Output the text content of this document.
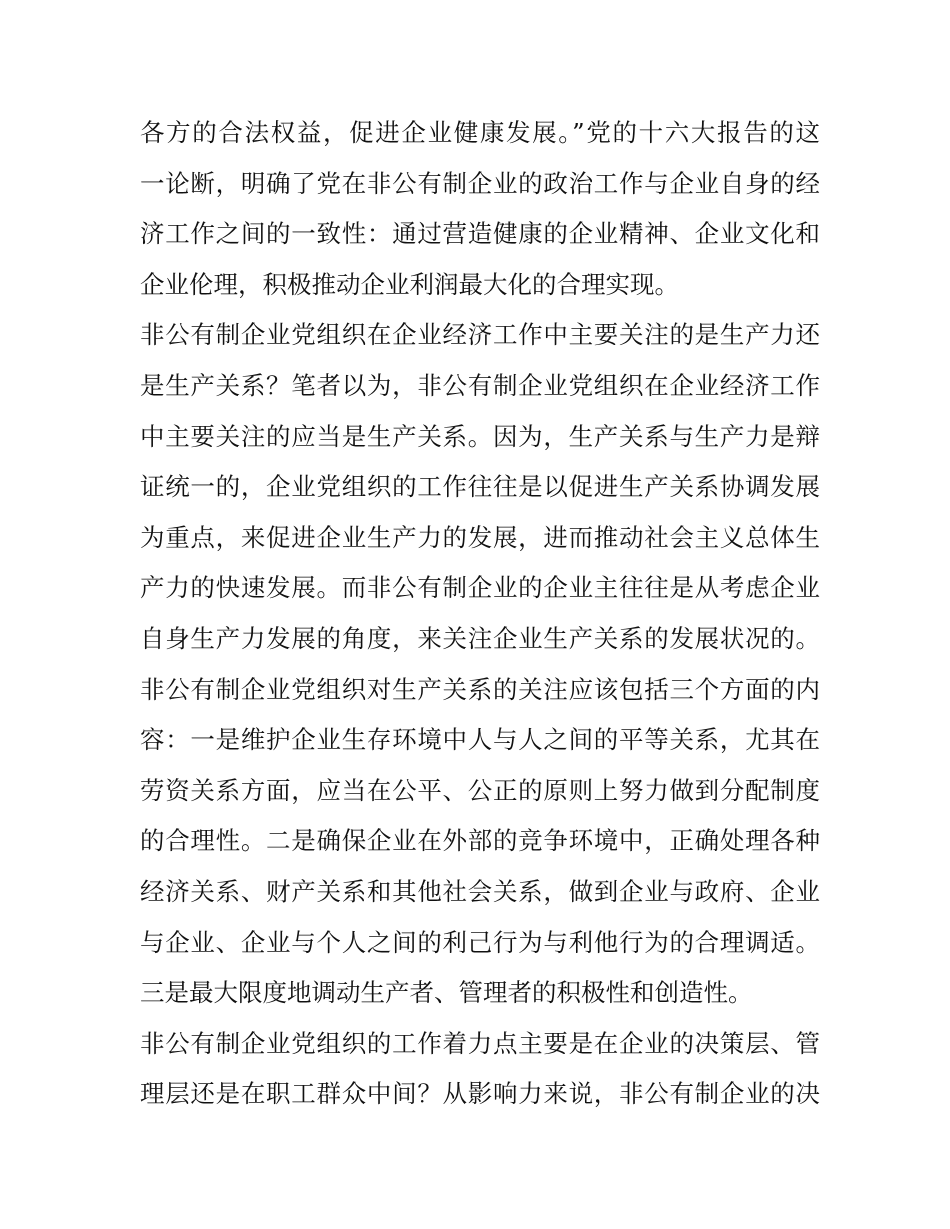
各方的合法权益，促进企业健康发展。”党的十六大报告的这
一论断，明确了党在非公有制企业的政治工作与企业自身的经
济工作之间的一致性：通过营造健康的企业精神、企业文化和
企业伦理，积极推动企业利润最大化的合理实现。
非公有制企业党组织在企业经济工作中主要关注的是生产力还
是生产关系？笔者以为，非公有制企业党组织在企业经济工作
中主要关注的应当是生产关系。因为，生产关系与生产力是辩
证统一的，企业党组织的工作往往是以促进生产关系协调发展
为重点，来促进企业生产力的发展，进而推动社会主义总体生
产力的快速发展。而非公有制企业的企业主往往是从考虑企业
自身生产力发展的角度，来关注企业生产关系的发展状况的。
非公有制企业党组织对生产关系的关注应该包括三个方面的内
容：一是维护企业生存环境中人与人之间的平等关系，尤其在
劳资关系方面，应当在公平、公正的原则上努力做到分配制度
的合理性。二是确保企业在外部的竞争环境中，正确处理各种
经济关系、财产关系和其他社会关系，做到企业与政府、企业
与企业、企业与个人之间的利己行为与利他行为的合理调适。
三是最大限度地调动生产者、管理者的积极性和创造性。
非公有制企业党组织的工作着力点主要是在企业的决策层、管
理层还是在职工群众中间？从影响力来说，非公有制企业的决
